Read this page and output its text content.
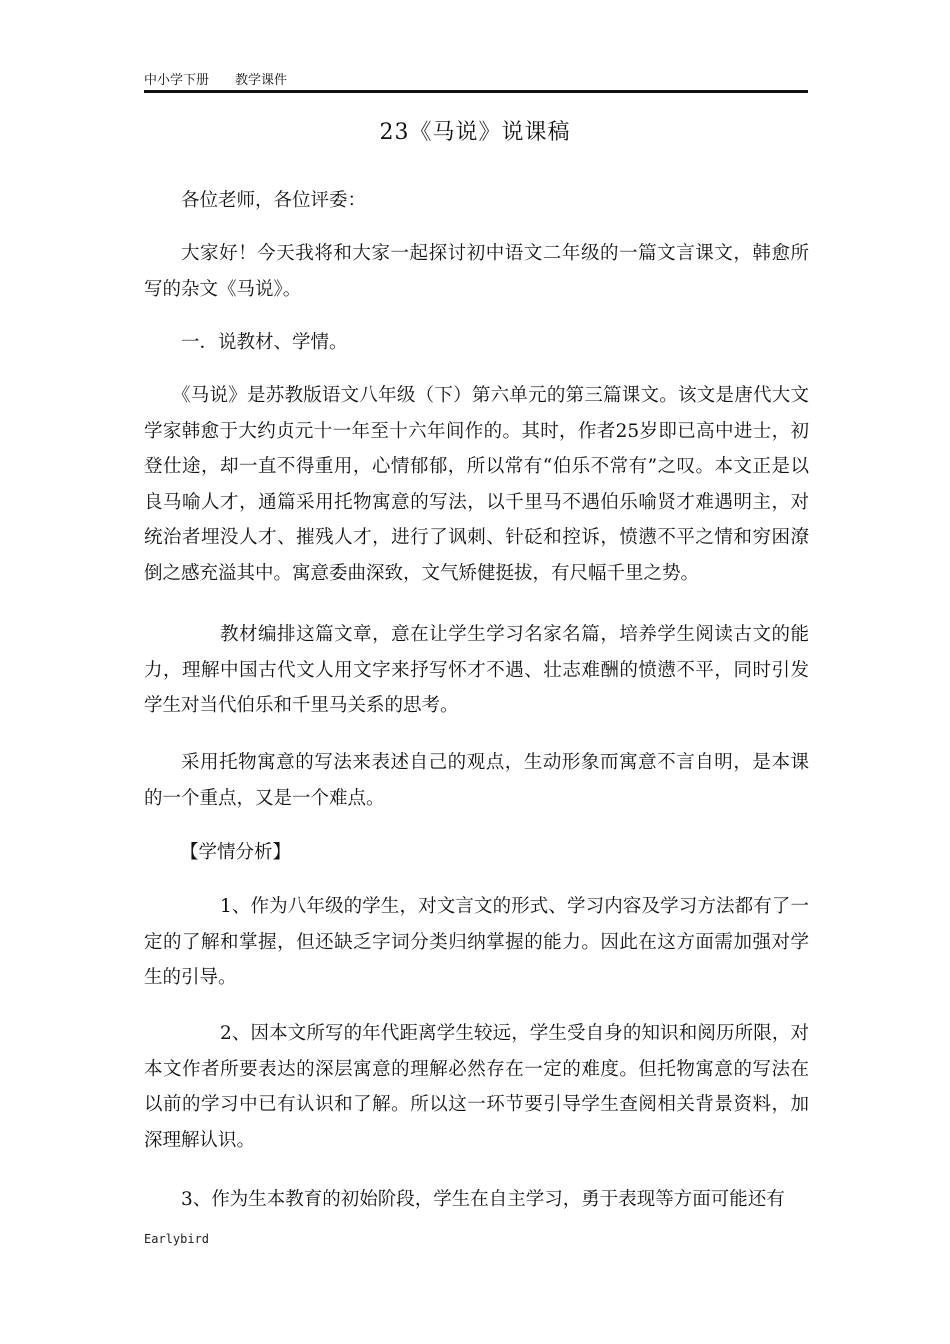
中小学下册 教学课件
23《马说》说课稿

各位老师，各位评委：

大家好！今天我将和大家一起探讨初中语文二年级的一篇文言课文，韩愈所写的杂文《马说》。

一．说教材、学情。

《马说》是苏教版语文八年级（下）第六单元的第三篇课文。该文是唐代大文学家韩愈于大约贞元十一年至十六年间作的。其时，作者25岁即已高中进士，初登仕途，却一直不得重用，心情郁郁，所以常有“伯乐不常有”之叹。本文正是以良马喻人才，通篇采用托物寓意的写法，以千里马不遇伯乐喻贤才难遇明主，对统治者埋没人才、摧残人才，进行了讽刺、针砭和控诉，愤懑不平之情和穷困潦倒之感充溢其中。寓意委曲深致，文气矫健挺拔，有尺幅千里之势。

教材编排这篇文章，意在让学生学习名家名篇，培养学生阅读古文的能力，理解中国古代文人用文字来抒写怀才不遇、壮志难酬的愤懑不平，同时引发学生对当代伯乐和千里马关系的思考。

采用托物寓意的写法来表述自己的观点，生动形象而寓意不言自明，是本课的一个重点，又是一个难点。

【学情分析】

1、作为八年级的学生，对文言文的形式、学习内容及学习方法都有了一定的了解和掌握，但还缺乏字词分类归纳掌握的能力。因此在这方面需加强对学生的引导。

2、因本文所写的年代距离学生较远，学生受自身的知识和阅历所限，对本文作者所要表达的深层寓意的理解必然存在一定的难度。但托物寓意的写法在以前的学习中已有认识和了解。所以这一环节要引导学生查阅相关背景资料，加深理解认识。

3、作为生本教育的初始阶段，学生在自主学习，勇于表现等方面可能还有

Earlybird
